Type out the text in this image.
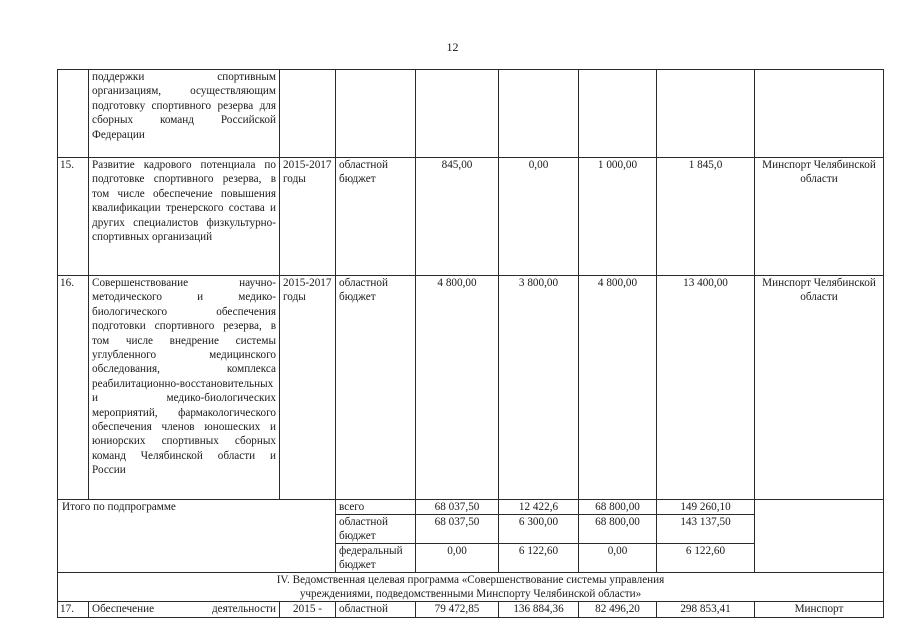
12
	поддержки спортивным организациям, осуществляющим подготовку спортивного резерва для сборных команд Российской Федерации							
15.	Развитие кадрового потенциала по подготовке спортивного резерва, в том числе обеспечение повышения квалификации тренерского состава и других специалистов физкультурно-спортивных организаций	2015-2017 годы	областной бюджет	845,00	0,00	1 000,00	1 845,0	Минспорт Челябинской области
16.	Совершенствование научно-методического и медико-биологического обеспечения подготовки спортивного резерва, в том числе внедрение системы углубленного медицинского обследования, комплекса реабилитационно-восстановительных и медико-биологических мероприятий, фармакологического обеспечения членов юношеских и юниорских спортивных сборных команд Челябинской области и России	2015-2017 годы	областной бюджет	4 800,00	3 800,00	4 800,00	13 400,00	Минспорт Челябинской области
Итого по подпрограмме			всего	68 037,50	12 422,6	68 800,00	149 260,10	
			областной бюджет	68 037,50	6 300,00	68 800,00	143 137,50	
			федеральный бюджет	0,00	6 122,60	0,00	6 122,60	

IV. Ведомственная целевая программа «Совершенствование системы управления
учреждениями, подведомственными Минспорту Челябинской области»								

17.	Обеспечение деятельности	2015 -	областной	79 472,85	136 884,36	82 496,20	298 853,41	Минспорт
